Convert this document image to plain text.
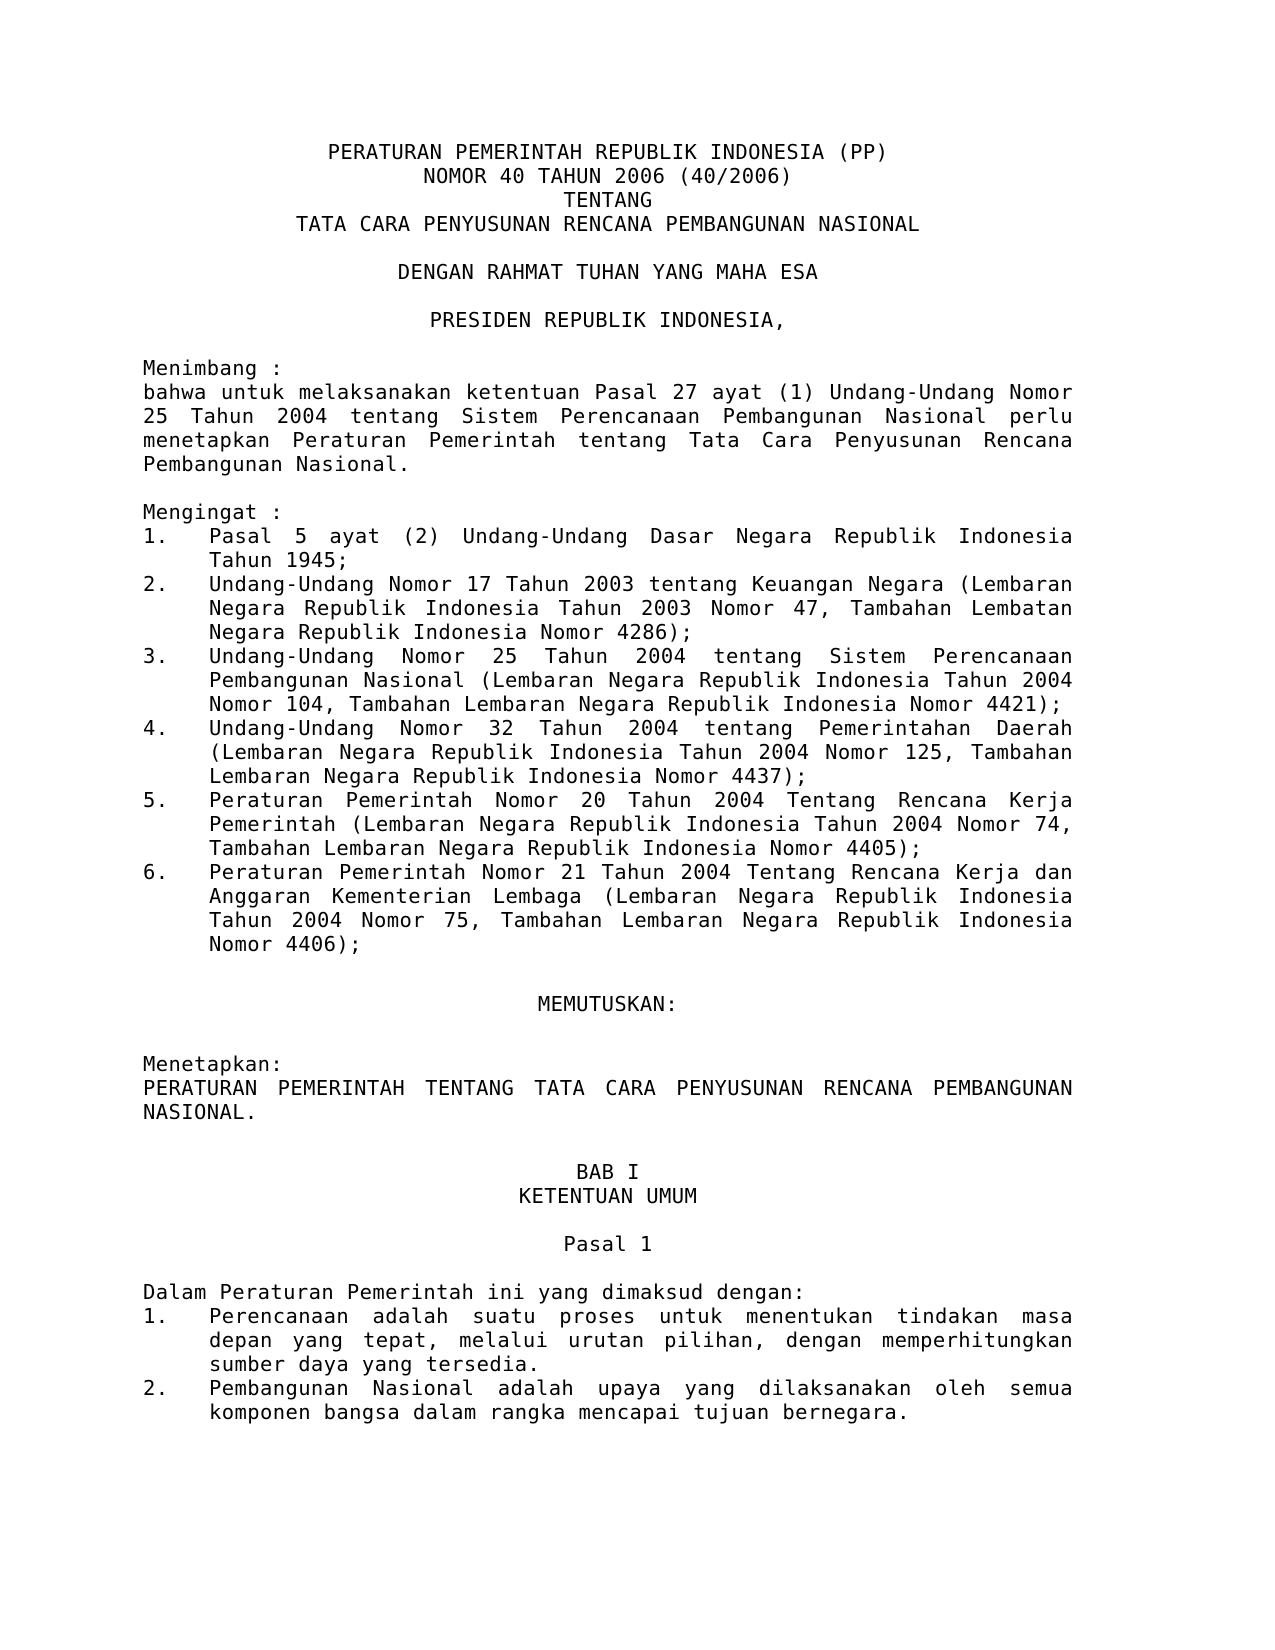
PERATURAN PEMERINTAH REPUBLIK INDONESIA (PP)
NOMOR 40 TAHUN 2006 (40/2006)
TENTANG
TATA CARA PENYUSUNAN RENCANA PEMBANGUNAN NASIONAL
DENGAN RAHMAT TUHAN YANG MAHA ESA
PRESIDEN REPUBLIK INDONESIA,
Menimbang :
bahwa untuk melaksanakan ketentuan Pasal 27 ayat (1) Undang-Undang Nomor 25 Tahun 2004 tentang Sistem Perencanaan Pembangunan Nasional perlu menetapkan Peraturan Pemerintah tentang Tata Cara Penyusunan Rencana Pembangunan Nasional.
Mengingat :
1.	Pasal 5 ayat (2) Undang-Undang Dasar Negara Republik Indonesia Tahun 1945;
2.	Undang-Undang Nomor 17 Tahun 2003 tentang Keuangan Negara (Lembaran Negara Republik Indonesia Tahun 2003 Nomor 47, Tambahan Lembatan Negara Republik Indonesia Nomor 4286);
3.	Undang-Undang Nomor 25 Tahun 2004 tentang Sistem Perencanaan Pembangunan Nasional (Lembaran Negara Republik Indonesia Tahun 2004 Nomor 104, Tambahan Lembaran Negara Republik Indonesia Nomor 4421);
4.	Undang-Undang Nomor 32 Tahun 2004 tentang Pemerintahan Daerah (Lembaran Negara Republik Indonesia Tahun 2004 Nomor 125, Tambahan Lembaran Negara Republik Indonesia Nomor 4437);
5.	Peraturan Pemerintah Nomor 20 Tahun 2004 Tentang Rencana Kerja Pemerintah (Lembaran Negara Republik Indonesia Tahun 2004 Nomor 74, Tambahan Lembaran Negara Republik Indonesia Nomor 4405);
6.	Peraturan Pemerintah Nomor 21 Tahun 2004 Tentang Rencana Kerja dan Anggaran Kementerian Lembaga (Lembaran Negara Republik Indonesia Tahun 2004 Nomor 75, Tambahan Lembaran Negara Republik Indonesia Nomor 4406);
MEMUTUSKAN:
Menetapkan:
PERATURAN PEMERINTAH TENTANG TATA CARA PENYUSUNAN RENCANA PEMBANGUNAN NASIONAL.
BAB I
KETENTUAN UMUM
Pasal 1
Dalam Peraturan Pemerintah ini yang dimaksud dengan:
1.	Perencanaan adalah suatu proses untuk menentukan tindakan masa depan yang tepat, melalui urutan pilihan, dengan memperhitungkan sumber daya yang tersedia.
2.	Pembangunan Nasional adalah upaya yang dilaksanakan oleh semua komponen bangsa dalam rangka mencapai tujuan bernegara.
